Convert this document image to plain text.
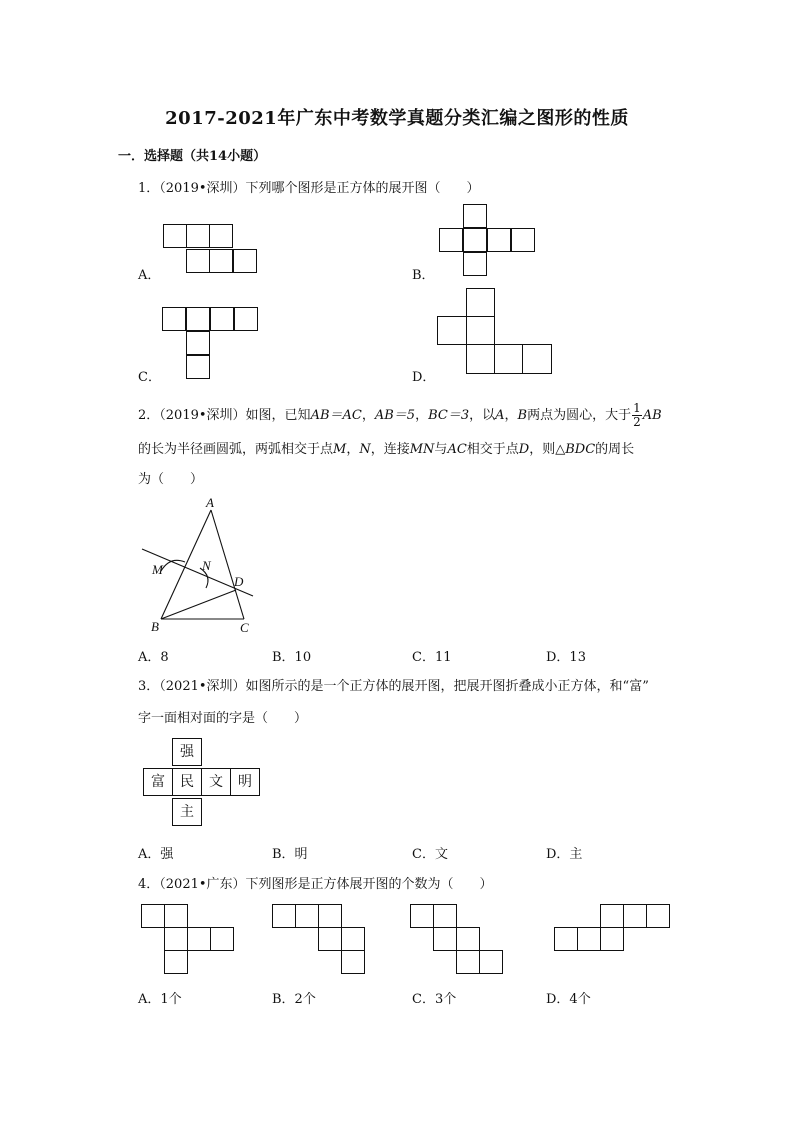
2017-2021年广东中考数学真题分类汇编之图形的性质
一．选择题（共14小题）
1．（2019•深圳）下列哪个图形是正方体的展开图（　　）
A．	B．
C．	D．
2．（2019•深圳）如图，已知AB＝AC，AB＝5，BC＝3，以A，B两点为圆心，大于 $\frac{1}{2}$ AB
的长为半径画圆弧，两弧相交于点M，N，连接MN与AC相交于点D，则△BDC的周长
为（　　）
A
B	C
D
M	N
A．8	B．10	C．11	D．13
3．（2021•深圳）如图所示的是一个正方体的展开图，把展开图折叠成小正方体，和“富”
字一面相对面的字是（　　）
强
富	民	文	明
主
A．强	B．明	C．文	D．主
4．（2021•广东）下列图形是正方体展开图的个数为（　　）
A．1个	B．2个	C．3个	D．4个
